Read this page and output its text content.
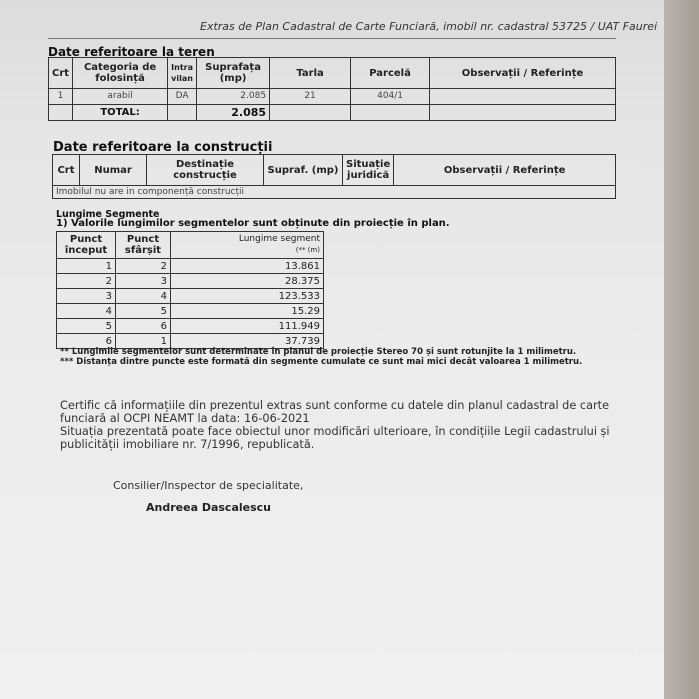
Extras de Plan Cadastral de Carte Funciară, imobil nr. cadastral 53725 / UAT Faurei
Date referitoare la teren
Crt	Categoria de folosință	Intra vilan	Suprafața (mp)	Tarla	Parcelă	Observații / Referințe
1	arabil	DA	2.085	21	404/1	
	TOTAL:		2.085			
Date referitoare la construcții
Crt	Numar	Destinație construcție	Supraf. (mp)	Situație juridică	Observații / Referințe
Imobilul nu are in componență construcții
Lungime Segmente
1) Valorile lungimilor segmentelor sunt obținute din proiecție în plan.
Punct început	Punct sfârșit	Lungime segment
(** (m)

1	2	13.861
2	3	28.375
3	4	123.533
4	5	15.29
5	6	111.949
6	1	37.739
** Lungimile segmentelor sunt determinate în planul de proiecție Stereo 70 și sunt rotunjite la 1 milimetru.
*** Distanța dintre puncte este formată din segmente cumulate ce sunt mai mici decât valoarea 1 milimetru.
Certific că informațiile din prezentul extras sunt conforme cu datele din planul cadastral de carte
funciară al OCPI NEAMT la data: 16-06-2021
Situația prezentată poate face obiectul unor modificări ulterioare, în condițiile Legii cadastrului și
publicității imobiliare nr. 7/1996, republicată.
Consilier/Inspector de specialitate,
Andreea Dascalescu
